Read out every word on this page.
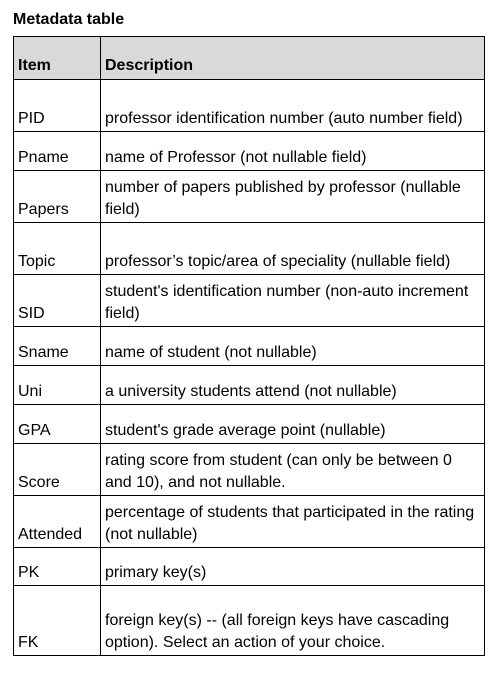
Metadata table
Item	Description
PID	professor identification number (auto number field)
Pname	name of Professor (not nullable field)
Papers	number of papers published by professor (nullable field)
Topic	professor’s topic/area of speciality (nullable field)
SID	student's identification number (non-auto increment field)
Sname	name of student (not nullable)
Uni	a university students attend (not nullable)
GPA	student's grade average point (nullable)
Score	rating score from student (can only be between 0 and 10), and not nullable.
Attended	percentage of students that participated in the rating (not nullable)
PK	primary key(s)
FK	foreign key(s) -- (all foreign keys have cascading option). Select an action of your choice.
